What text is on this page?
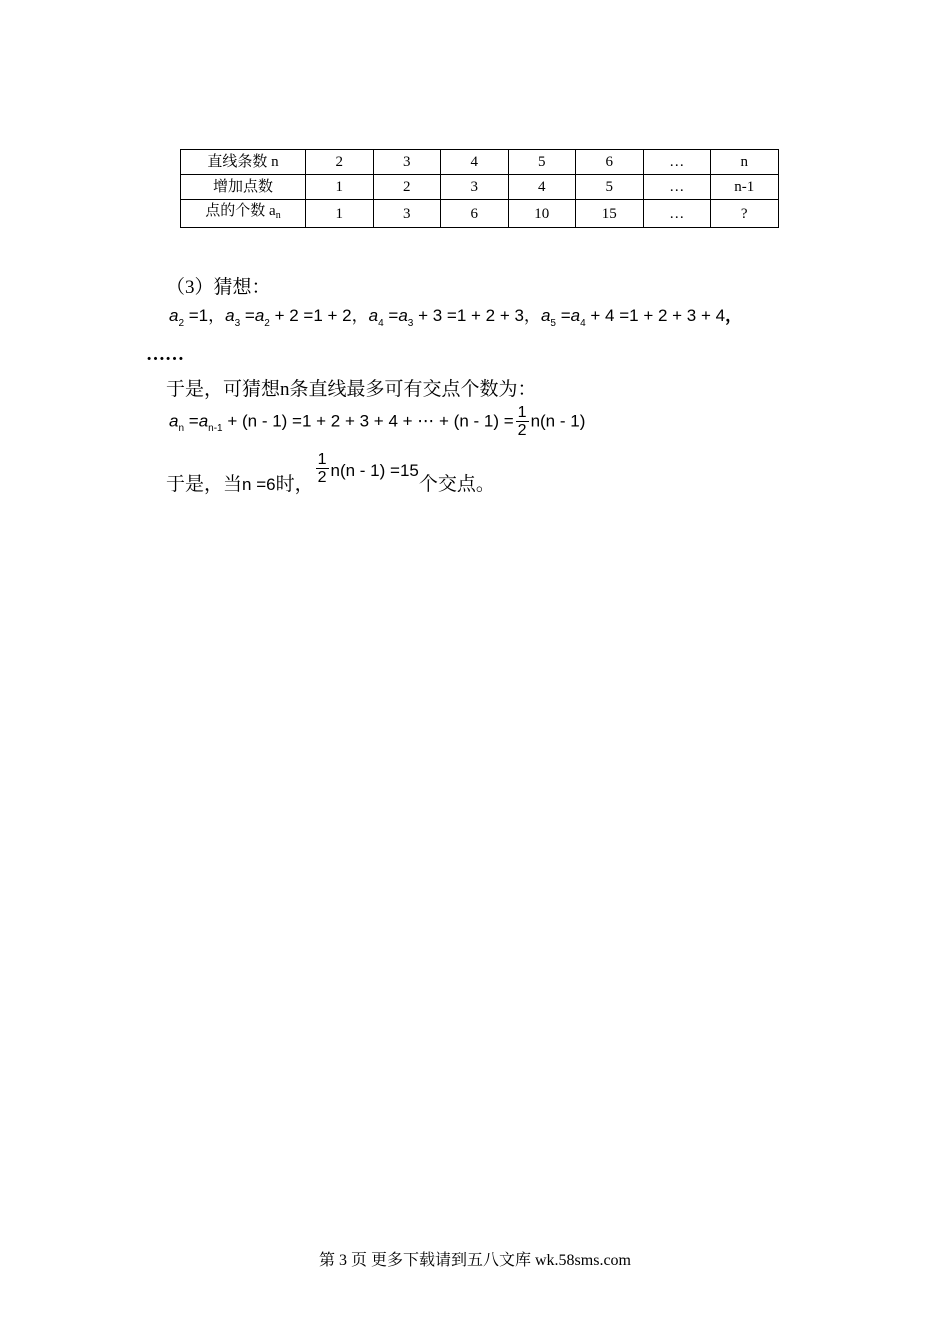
直线条数 n	2	3	4	5	6	…	n
增加点数	1	2	3	4	5	…	n-1
点的个数 $a_n$	1	3	6	10	15	…	?
（3）猜想：
$a_2 =1$，$a_3 =a_2 + 2 =1 + 2$，$a_4 =a_3 + 3 =1 + 2 + 3$，$a_5 =a_4 + 4 =1 + 2 + 3 + 4$，
……
于是，可猜想n条直线最多可有交点个数为：
$a_n =a_{n-1} + (n - 1) =1 + 2 + 3 + 4$ + ⋯ + $(n - 1) = \frac{1}{2} n(n - 1)$
于是，当n =6时， $\frac{1}{2} n(n - 1) =15$个交点。
第 3 页 更多下载请到五八文库 wk.58sms.com
